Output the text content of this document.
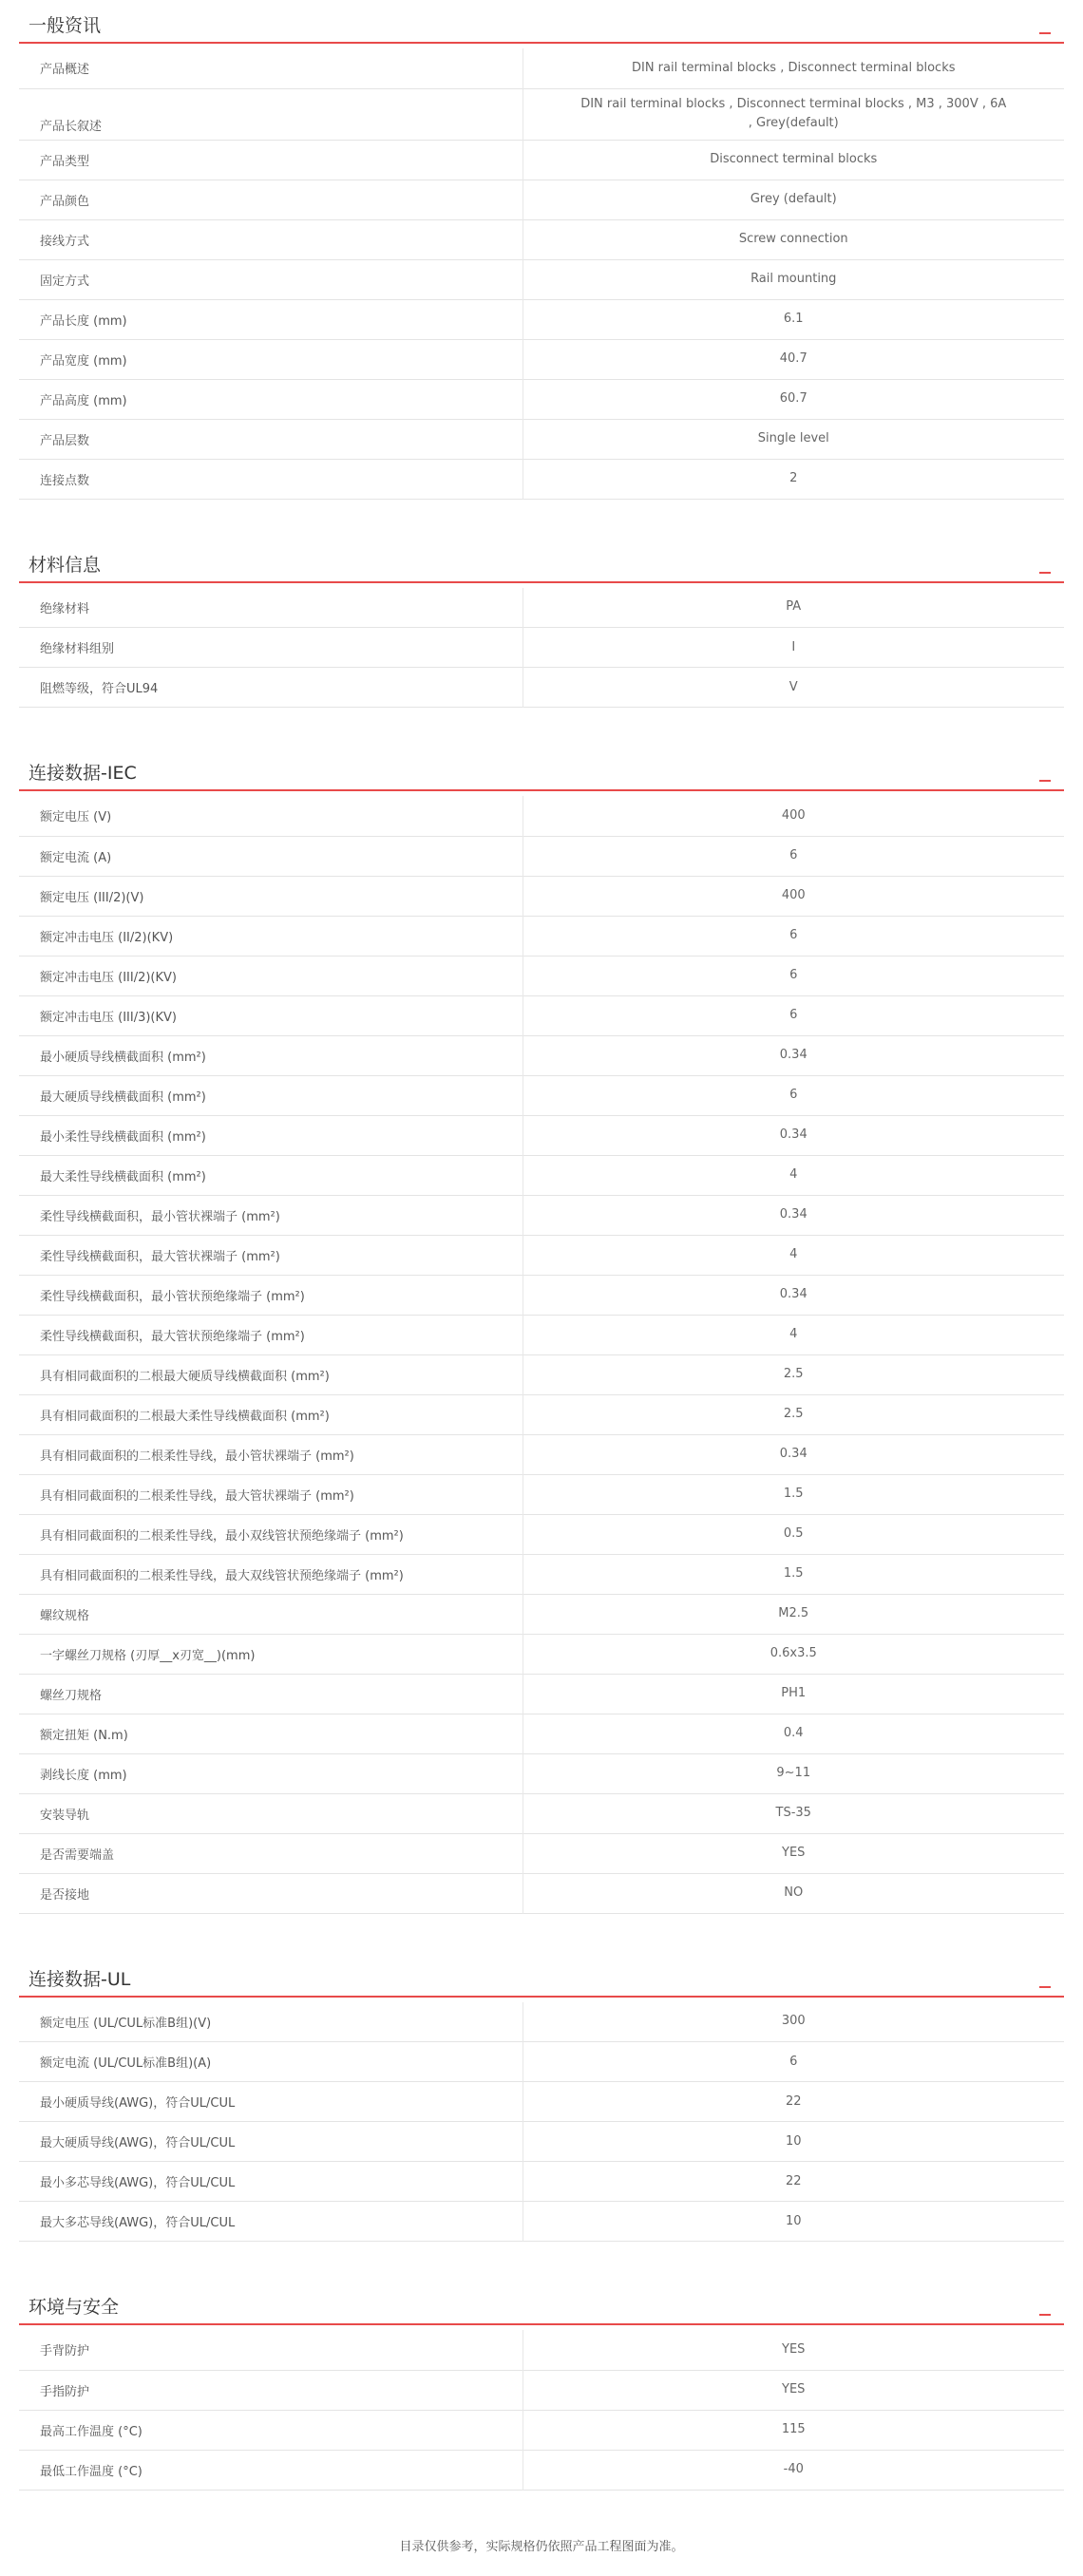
一般资讯
产品概述	DIN rail terminal blocks , Disconnect terminal blocks
产品长叙述	DIN rail terminal blocks , Disconnect terminal blocks , M3 , 300V , 6A , Grey(default)
产品类型	Disconnect terminal blocks
产品颜色	Grey (default)
接线方式	Screw connection
固定方式	Rail mounting
产品长度 (mm)	6.1
产品宽度 (mm)	40.7
产品高度 (mm)	60.7
产品层数	Single level
连接点数	2
材料信息
绝缘材料	PA
绝缘材料组别	I
阻燃等级，符合UL94	V
连接数据-IEC
额定电压 (V)	400
额定电流 (A)	6
额定电压 (III/2)(V)	400
额定冲击电压 (II/2)(KV)	6
额定冲击电压 (III/2)(KV)	6
额定冲击电压 (III/3)(KV)	6
最小硬质导线横截面积 (mm²)	0.34
最大硬质导线横截面积 (mm²)	6
最小柔性导线横截面积 (mm²)	0.34
最大柔性导线横截面积 (mm²)	4
柔性导线横截面积，最小管状裸端子 (mm²)	0.34
柔性导线横截面积，最大管状裸端子 (mm²)	4
柔性导线横截面积，最小管状预绝缘端子 (mm²)	0.34
柔性导线横截面积，最大管状预绝缘端子 (mm²)	4
具有相同截面积的二根最大硬质导线横截面积 (mm²)	2.5
具有相同截面积的二根最大柔性导线横截面积 (mm²)	2.5
具有相同截面积的二根柔性导线，最小管状裸端子 (mm²)	0.34
具有相同截面积的二根柔性导线，最大管状裸端子 (mm²)	1.5
具有相同截面积的二根柔性导线，最小双线管状预绝缘端子 (mm²)	0.5
具有相同截面积的二根柔性导线，最大双线管状预绝缘端子 (mm²)	1.5
螺纹规格	M2.5
一字螺丝刀规格 (刃厚__x刃宽__)(mm)	0.6x3.5
螺丝刀规格	PH1
额定扭矩 (N.m)	0.4
剥线长度 (mm)	9~11
安装导轨	TS-35
是否需要端盖	YES
是否接地	NO
连接数据-UL
额定电压 (UL/CUL标准B组)(V)	300
额定电流 (UL/CUL标准B组)(A)	6
最小硬质导线(AWG)，符合UL/CUL	22
最大硬质导线(AWG)，符合UL/CUL	10
最小多芯导线(AWG)，符合UL/CUL	22
最大多芯导线(AWG)，符合UL/CUL	10
环境与安全
手背防护	YES
手指防护	YES
最高工作温度 (°C)	115
最低工作温度 (°C)	-40
目录仅供参考，实际规格仍依照产品工程图面为准。
